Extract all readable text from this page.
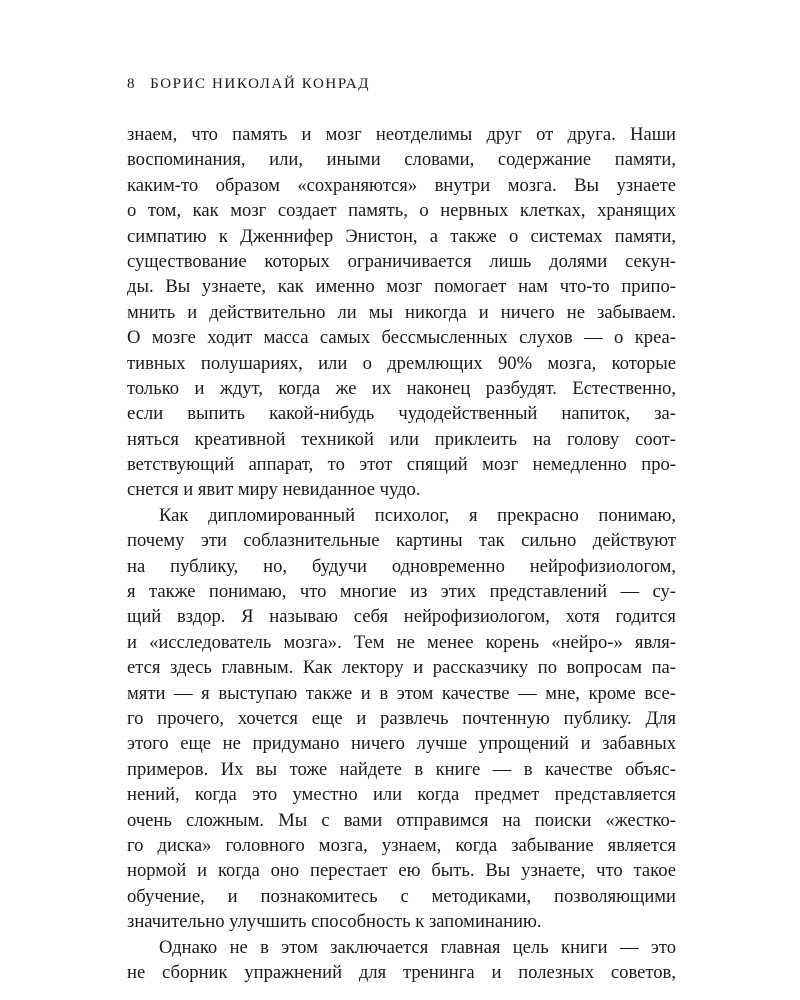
8 БОРИС НИКОЛАЙ КОНРАД
знаем, что память и мозг неотделимы друг от друга. Наши
воспоминания, или, иными словами, содержание памяти,
каким-то образом «сохраняются» внутри мозга. Вы узнаете
о том, как мозг создает память, о нервных клетках, хранящих
симпатию к Дженнифер Энистон, а также о системах памяти,
существование которых ограничивается лишь долями секун-
ды. Вы узнаете, как именно мозг помогает нам что-то припо-
мнить и действительно ли мы никогда и ничего не забываем.
О мозге ходит масса самых бессмысленных слухов — о креа-
тивных полушариях, или о дремлющих 90% мозга, которые
только и ждут, когда же их наконец разбудят. Естественно,
если выпить какой-нибудь чудодейственный напиток, за-
няться креативной техникой или приклеить на голову соот-
ветствующий аппарат, то этот спящий мозг немедленно про-
снется и явит миру невиданное чудо.
Как дипломированный психолог, я прекрасно понимаю,
почему эти соблазнительные картины так сильно действуют
на публику, но, будучи одновременно нейрофизиологом,
я также понимаю, что многие из этих представлений — су-
щий вздор. Я называю себя нейрофизиологом, хотя годится
и «исследователь мозга». Тем не менее корень «нейро-» явля-
ется здесь главным. Как лектору и рассказчику по вопросам па-
мяти — я выступаю также и в этом качестве — мне, кроме все-
го прочего, хочется еще и развлечь почтенную публику. Для
этого еще не придумано ничего лучше упрощений и забавных
примеров. Их вы тоже найдете в книге — в качестве объяс-
нений, когда это уместно или когда предмет представляется
очень сложным. Мы с вами отправимся на поиски «жестко-
го диска» головного мозга, узнаем, когда забывание является
нормой и когда оно перестает ею быть. Вы узнаете, что такое
обучение, и познакомитесь с методиками, позволяющими
значительно улучшить способность к запоминанию.
Однако не в этом заключается главная цель книги — это
не сборник упражнений для тренинга и полезных советов,
